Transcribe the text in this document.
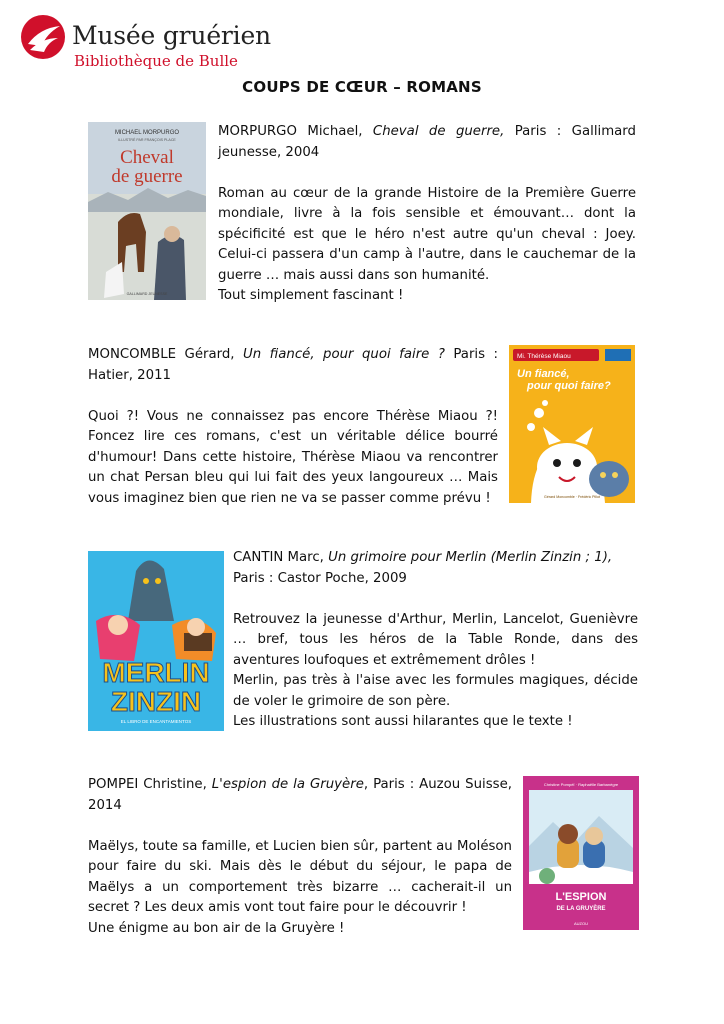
Musée gruérien
Bibliothèque de Bulle
COUPS DE CŒUR – ROMANS
MICHAEL MORPURGO
ILLUSTRÉ PAR FRANÇOIS PLACE
Cheval
de guerre
GALLIMARD JEUNESSE

MORPURGO Michael, Cheval de guerre, Paris : Gallimard jeunesse, 2004

Roman au cœur de la grande Histoire de la Première Guerre mondiale, livre à la fois sensible et émouvant… dont la spécificité est que le héro n'est autre qu'un cheval : Joey. Celui-ci passera d'un camp à l'autre, dans le cauchemar de la guerre … mais aussi dans son humanité.

Tout simplement fascinant !

MONCOMBLE Gérard, Un fiancé, pour quoi faire ? Paris : Hatier, 2011

Quoi ?! Vous ne connaissez pas encore Thérèse Miaou ?! Foncez lire ces romans, c'est un véritable délice bourré d'humour! Dans cette histoire, Thérèse Miaou va rencontrer un chat Persan bleu qui lui fait des yeux langoureux … Mais vous imaginez bien que rien ne va se passer comme prévu !

Mi. Thérèse Miaou
Un fiancé,
pour quoi faire?
Gérard Moncomble · Frédéric Pillot
MERLIN
ZINZIN
EL LIBRO DE ENCANTAMIENTOS

CANTIN Marc, Un grimoire pour Merlin (Merlin Zinzin ; 1),
Paris : Castor Poche, 2009

Retrouvez la jeunesse d'Arthur, Merlin, Lancelot, Guenièvre … bref, tous les héros de la Table Ronde, dans des aventures loufoques et extrêmement drôles !

Merlin, pas très à l'aise avec les formules magiques, décide de voler le grimoire de son père.

Les illustrations sont aussi hilarantes que le texte !

POMPEI Christine, L'espion de la Gruyère, Paris : Auzou Suisse, 2014

Maëlys, toute sa famille, et Lucien bien sûr, partent au Moléson pour faire du ski. Mais dès le début du séjour, le papa de Maëlys a un comportement très bizarre … cacherait-il un secret ? Les deux amis vont tout faire pour le découvrir !

Une énigme au bon air de la Gruyère !

Christine Pompéï · Raphaëlle Barbanègre
L'ESPION
DE LA GRUYÈRE
AUZOU
